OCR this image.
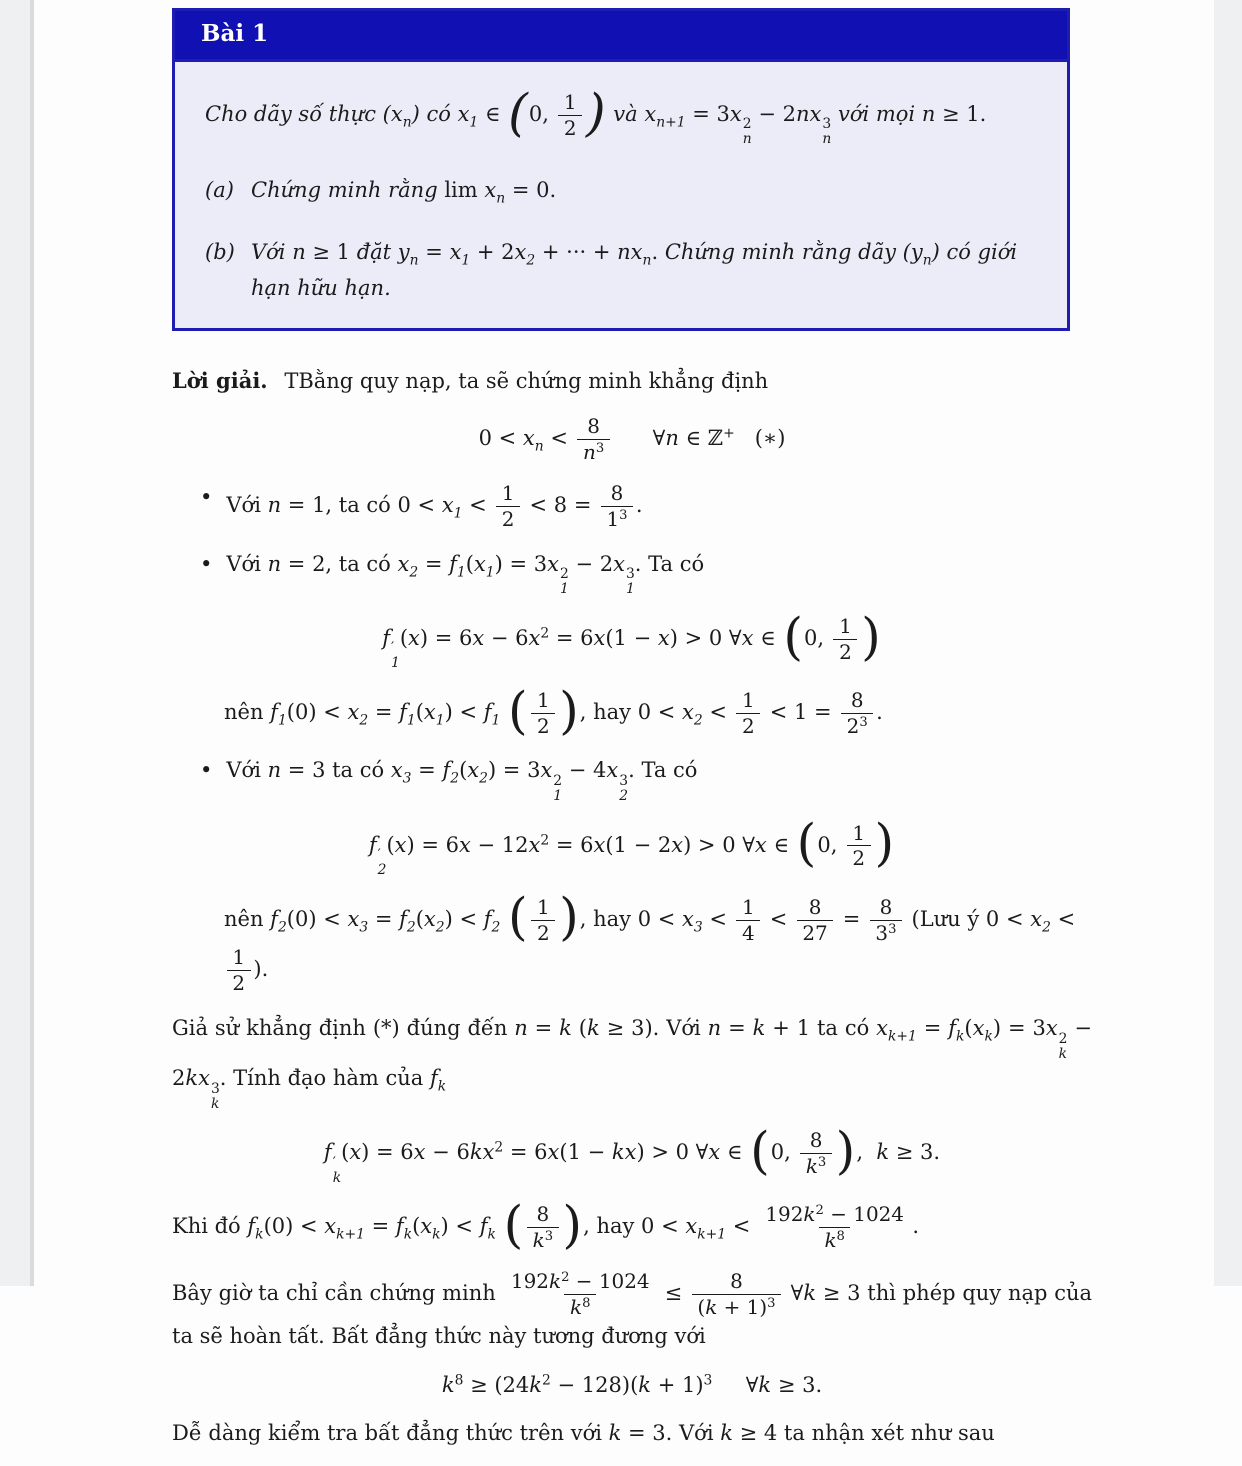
Bài 1

Cho dãy số thực $(x_n)$ có $x_1$ ∈ (0, $\frac{1}{2}$ ) và $x_{n+1} = 3x$ 2
n
− 2nx 3
n
với mọi n ≥ 1.

(a) Chứng minh rằng $\lim x_n = 0$.
(b) Với n ≥ 1 đặt $y_n = x_1 + 2x_2$ + ··· + $nx_n$. Chứng minh rằng dãy $(y_n)$ có giới hạn hữu hạn.

Lời giải. TBằng quy nạp, ta sẽ chứng minh khẳng định

$0 < x_n < \frac{8}{n^3}$ ∀n ∈ ℤ+   (∗)
• Với n = 1, ta có $0 < x_1 < \frac{1}{2} < 8 = \frac{8}{1^3}$ .
• Với n = 2, ta có $x_2 = f_1(x_1) = 3x$ 2
1
− 2x 3
1
. Ta có
f ′
1
$(x) = 6x - 6x^2 = 6x(1 - x) > 0$ ∀x ∈ (0, $\frac{1}{2}$ )

nên $f_1(0) < x_2 = f_1(x_1) < f_1$ ( $\frac{1}{2}$ ), hay $0 < x_2 < \frac{1}{2} < 1 = \frac{8}{2^3}$ .

• Với n = 3 ta có $x_3 = f_2(x_2) = 3x$ 2
1
− 4x 3
2
. Ta có
f ′
2
$(x) = 6x - 12x^2 = 6x(1 - 2x) > 0$ ∀x ∈ (0, $\frac{1}{2}$ )

nên $f_2(0) < x_3 = f_2(x_2) < f_2$ ( $\frac{1}{2}$ ), hay $0 < x_3 < \frac{1}{4} < \frac{8}{27} = \frac{8}{3^3}$ (Lưu ý $0 < x_2$ <
$\frac{1}{2}$ ).

Giả sử khẳng định (*) đúng đến n = k (k ≥ 3). Với n = k + 1 ta có $x_{k+1} = f_k(x_k) = 3x$ 2
k
− 2kx 3
k
. Tính đạo hàm của $f_k$

f ′
k
$(x) = 6x - 6kx^2 = 6x(1 - kx) > 0$ ∀x ∈ (0, $\frac{8}{k^3}$ ),  k ≥ 3.

Khi đó $f_k(0) < x_{k+1} = f_k(x_k) < f_k$ ( $\frac{8}{k^3}$ ), hay $0 < x_{k+1} < \frac{192k^2 - 1024}{k^8}$ .

Bây giờ ta chỉ cần chứng minh $\frac{192k^2 - 1024}{k^8} \le \frac{8}{(k + 1)^3}$ ∀k ≥ 3 thì phép quy nạp của ta sẽ hoàn tất. Bất đẳng thức này tương đương với

$k^8 \ge (24k^2 - 128)(k + 1)^3$     ∀k ≥ 3.

Dễ dàng kiểm tra bất đẳng thức trên với k = 3. Với k ≥ 4 ta nhận xét như sau
